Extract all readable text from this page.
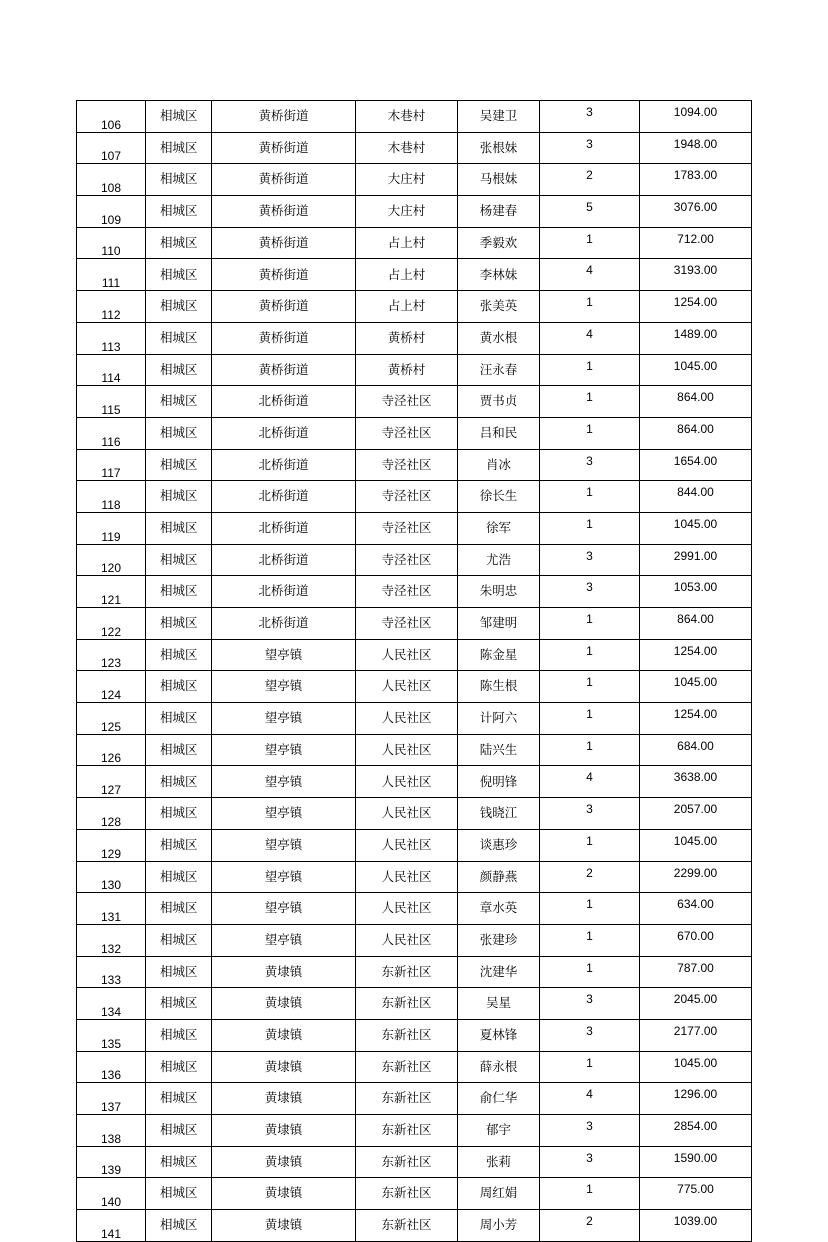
106	相城区	黄桥街道	木巷村	吴建卫	3	1094.00
107	相城区	黄桥街道	木巷村	张根妹	3	1948.00
108	相城区	黄桥街道	大庄村	马根妹	2	1783.00
109	相城区	黄桥街道	大庄村	杨建春	5	3076.00
110	相城区	黄桥街道	占上村	季毅欢	1	712.00
111	相城区	黄桥街道	占上村	李林妹	4	3193.00
112	相城区	黄桥街道	占上村	张美英	1	1254.00
113	相城区	黄桥街道	黄桥村	黄水根	4	1489.00
114	相城区	黄桥街道	黄桥村	汪永春	1	1045.00
115	相城区	北桥街道	寺泾社区	贾书贞	1	864.00
116	相城区	北桥街道	寺泾社区	吕和民	1	864.00
117	相城区	北桥街道	寺泾社区	肖冰	3	1654.00
118	相城区	北桥街道	寺泾社区	徐长生	1	844.00
119	相城区	北桥街道	寺泾社区	徐军	1	1045.00
120	相城区	北桥街道	寺泾社区	尤浩	3	2991.00
121	相城区	北桥街道	寺泾社区	朱明忠	3	1053.00
122	相城区	北桥街道	寺泾社区	邹建明	1	864.00
123	相城区	望亭镇	人民社区	陈金星	1	1254.00
124	相城区	望亭镇	人民社区	陈生根	1	1045.00
125	相城区	望亭镇	人民社区	计阿六	1	1254.00
126	相城区	望亭镇	人民社区	陆兴生	1	684.00
127	相城区	望亭镇	人民社区	倪明锋	4	3638.00
128	相城区	望亭镇	人民社区	钱晓江	3	2057.00
129	相城区	望亭镇	人民社区	谈惠珍	1	1045.00
130	相城区	望亭镇	人民社区	颜静燕	2	2299.00
131	相城区	望亭镇	人民社区	章水英	1	634.00
132	相城区	望亭镇	人民社区	张建珍	1	670.00
133	相城区	黄埭镇	东新社区	沈建华	1	787.00
134	相城区	黄埭镇	东新社区	吴星	3	2045.00
135	相城区	黄埭镇	东新社区	夏林锋	3	2177.00
136	相城区	黄埭镇	东新社区	薛永根	1	1045.00
137	相城区	黄埭镇	东新社区	俞仁华	4	1296.00
138	相城区	黄埭镇	东新社区	郁宇	3	2854.00
139	相城区	黄埭镇	东新社区	张莉	3	1590.00
140	相城区	黄埭镇	东新社区	周红娟	1	775.00
141	相城区	黄埭镇	东新社区	周小芳	2	1039.00
